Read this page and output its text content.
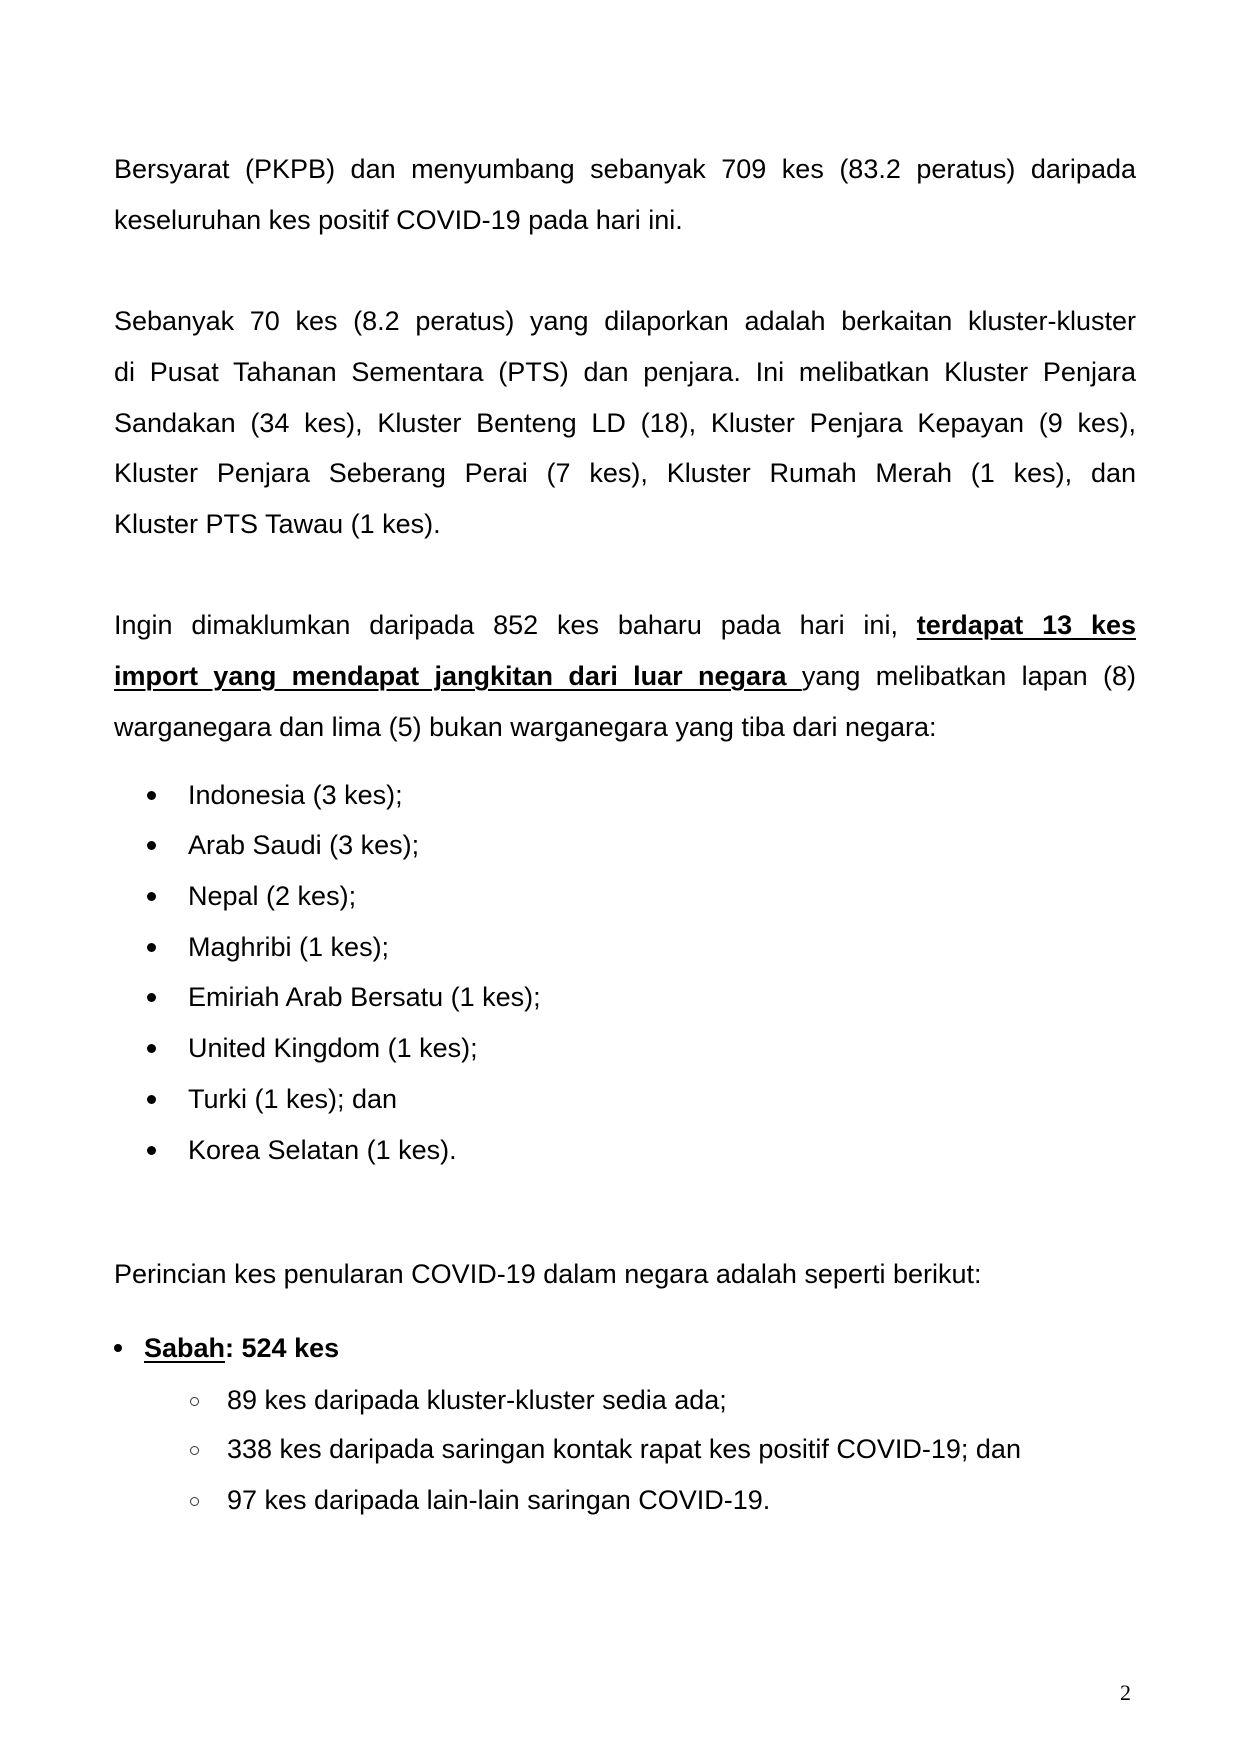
Bersyarat (PKPB) dan menyumbang sebanyak 709 kes (83.2 peratus) daripada
keseluruhan kes positif COVID-19 pada hari ini.
Sebanyak 70 kes (8.2 peratus) yang dilaporkan adalah berkaitan kluster-kluster
di Pusat Tahanan Sementara (PTS) dan penjara. Ini melibatkan Kluster Penjara
Sandakan (34 kes), Kluster Benteng LD (18), Kluster Penjara Kepayan (9 kes),
Kluster Penjara Seberang Perai (7 kes), Kluster Rumah Merah (1 kes), dan
Kluster PTS Tawau (1 kes).
Ingin dimaklumkan daripada 852 kes baharu pada hari ini, terdapat 13 kes
import yang mendapat jangkitan dari luar negara yang melibatkan lapan (8)
warganegara dan lima (5) bukan warganegara yang tiba dari negara:
Indonesia (3 kes);
Arab Saudi (3 kes);
Nepal (2 kes);
Maghribi (1 kes);
Emiriah Arab Bersatu (1 kes);
United Kingdom (1 kes);
Turki (1 kes); dan
Korea Selatan (1 kes).
Perincian kes penularan COVID-19 dalam negara adalah seperti berikut:
Sabah: 524 kes
89 kes daripada kluster-kluster sedia ada;
338 kes daripada saringan kontak rapat kes positif COVID-19; dan
97 kes daripada lain-lain saringan COVID-19.
2
